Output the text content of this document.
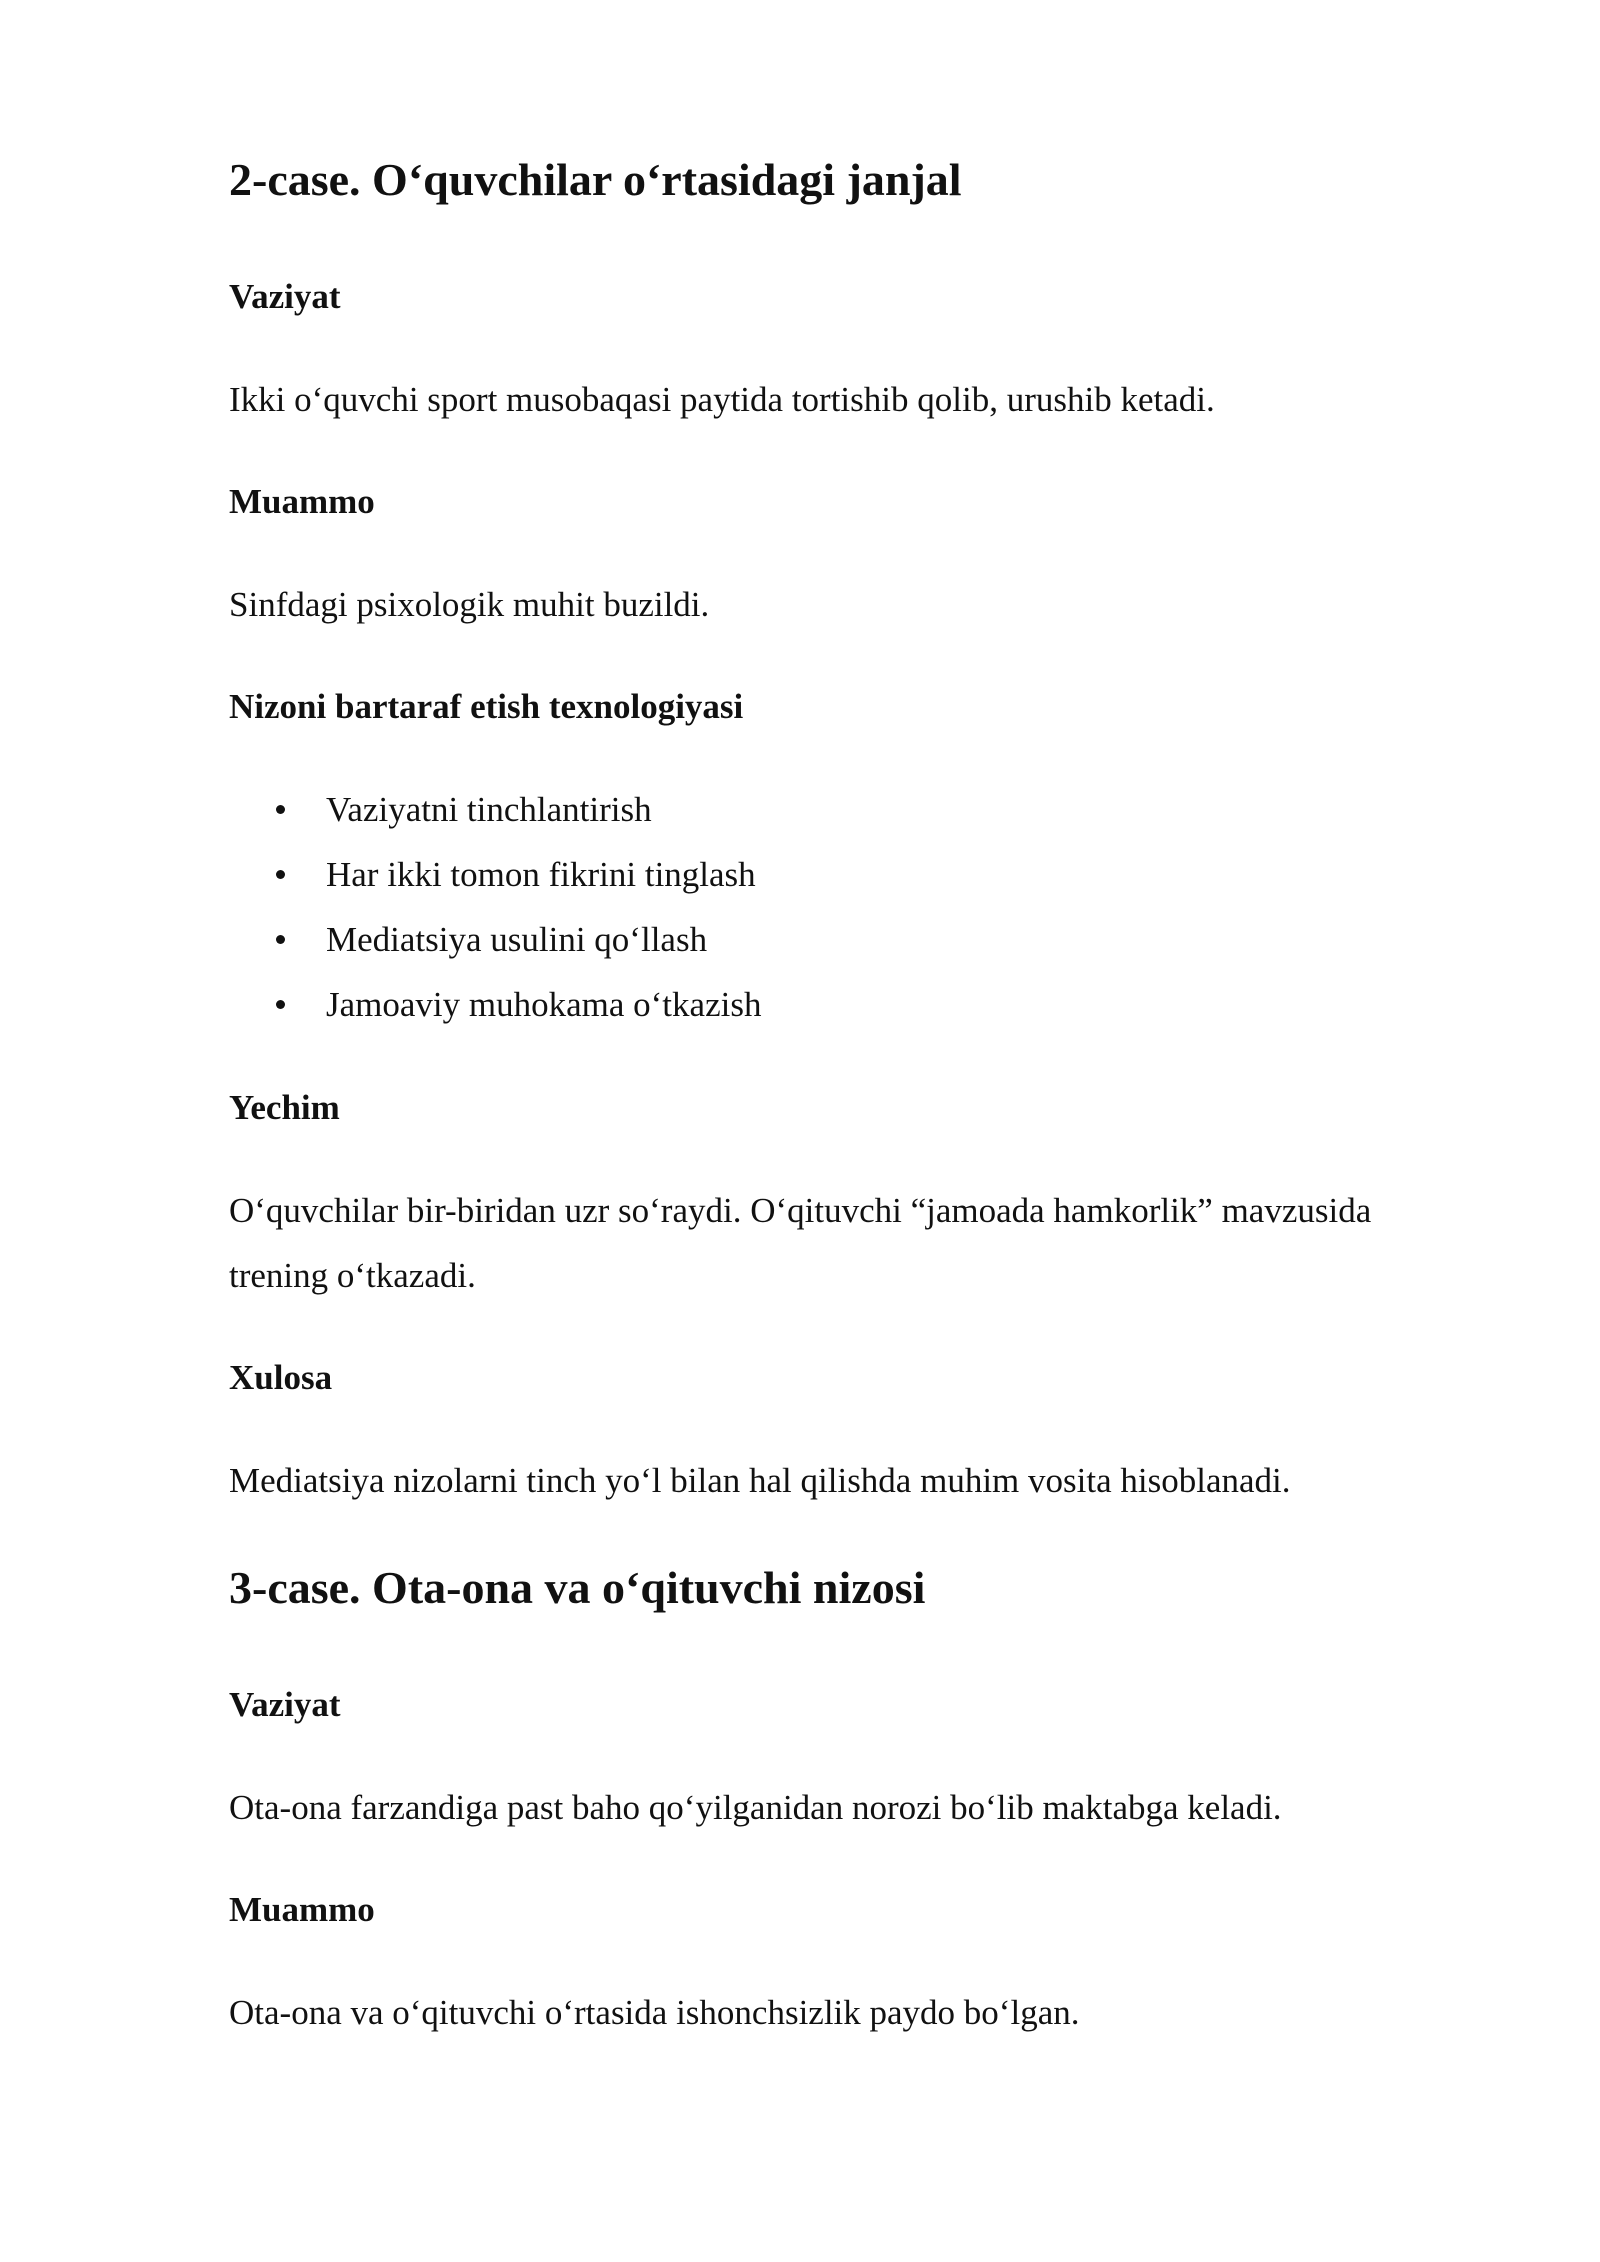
2-case. O‘quvchilar o‘rtasidagi janjal
Vaziyat

Ikki o‘quvchi sport musobaqasi paytida tortishib qolib, urushib ketadi.

Muammo

Sinfdagi psixologik muhit buzildi.

Nizoni bartaraf etish texnologiyasi
Vaziyatni tinchlantirish
Har ikki tomon fikrini tinglash
Mediatsiya usulini qo‘llash
Jamoaviy muhokama o‘tkazish
Yechim

O‘quvchilar bir-biridan uzr so‘raydi. O‘qituvchi “jamoada hamkorlik” mavzusida

trening o‘tkazadi.

Xulosa

Mediatsiya nizolarni tinch yo‘l bilan hal qilishda muhim vosita hisoblanadi.

3-case. Ota-ona va o‘qituvchi nizosi
Vaziyat

Ota-ona farzandiga past baho qo‘yilganidan norozi bo‘lib maktabga keladi.

Muammo

Ota-ona va o‘qituvchi o‘rtasida ishonchsizlik paydo bo‘lgan.
